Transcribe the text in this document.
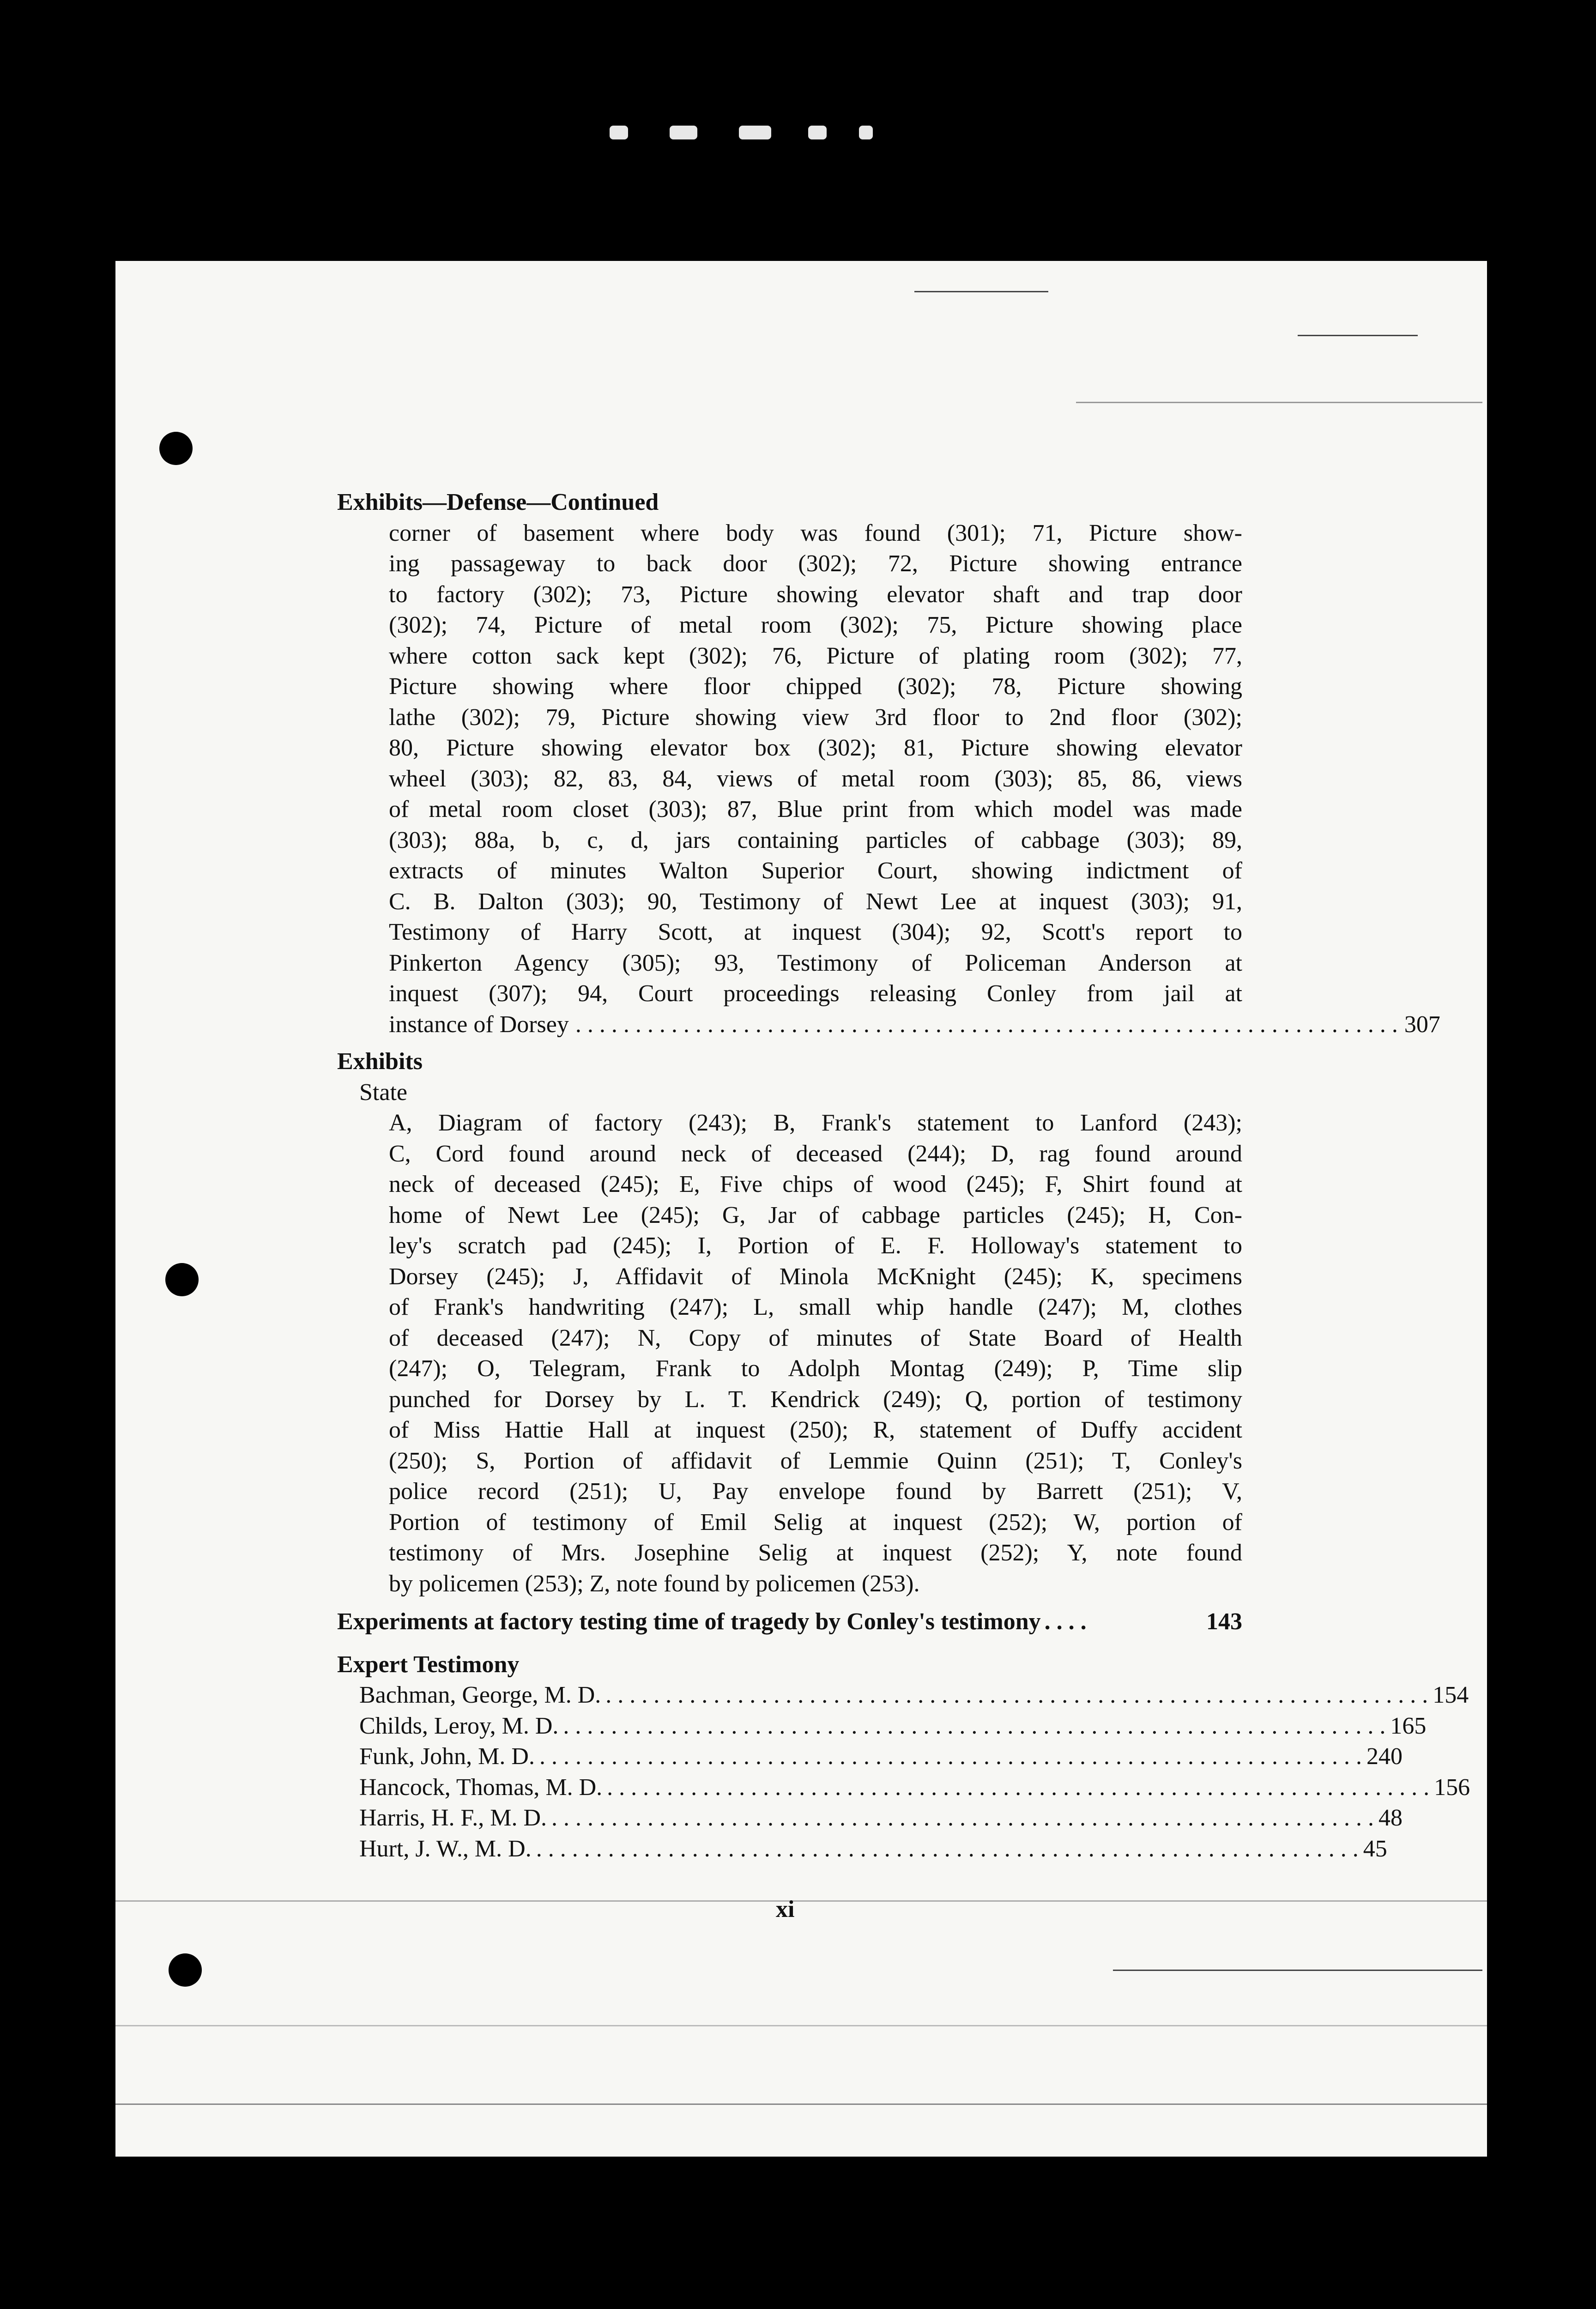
Exhibits—Defense—Continued
corner of basement where body was found (301); 71, Picture show-
ing passageway to back door (302); 72, Picture showing entrance
to factory (302); 73, Picture showing elevator shaft and trap door
(302); 74, Picture of metal room (302); 75, Picture showing place
where cotton sack kept (302); 76, Picture of plating room (302); 77,
Picture showing where floor chipped (302); 78, Picture showing
lathe (302); 79, Picture showing view 3rd floor to 2nd floor (302);
80, Picture showing elevator box (302); 81, Picture showing elevator
wheel (303); 82, 83, 84, views of metal room (303); 85, 86, views
of metal room closet (303); 87, Blue print from which model was made
(303); 88a, b, c, d, jars containing particles of cabbage (303); 89,
extracts of minutes Walton Superior Court, showing indictment of
C. B. Dalton (303); 90, Testimony of Newt Lee at inquest (303); 91,
Testimony of Harry Scott, at inquest (304); 92, Scott's report to
Pinkerton Agency (305); 93, Testimony of Policeman Anderson at
inquest (307); 94, Court proceedings releasing Conley from jail at
instance of Dorsey . . . . . . . . . . . . . . . . . . . . . . . . . . . . . . . . . . . . . . . . . . . . . . . . . . . . . . . . . . . . . . . . . . . . . 307
Exhibits
State
A, Diagram of factory (243); B, Frank's statement to Lanford (243);
C, Cord found around neck of deceased (244); D, rag found around
neck of deceased (245); E, Five chips of wood (245); F, Shirt found at
home of Newt Lee (245); G, Jar of cabbage particles (245); H, Con-
ley's scratch pad (245); I, Portion of E. F. Holloway's statement to
Dorsey (245); J, Affidavit of Minola McKnight (245); K, specimens
of Frank's handwriting (247); L, small whip handle (247); M, clothes
of deceased (247); N, Copy of minutes of State Board of Health
(247); O, Telegram, Frank to Adolph Montag (249); P, Time slip
punched for Dorsey by L. T. Kendrick (249); Q, portion of testimony
of Miss Hattie Hall at inquest (250); R, statement of Duffy accident
(250); S, Portion of affidavit of Lemmie Quinn (251); T, Conley's
police record (251); U, Pay envelope found by Barrett (251); V,
Portion of testimony of Emil Selig at inquest (252); W, portion of
testimony of Mrs. Josephine Selig at inquest (252); Y, note found
by policemen (253); Z, note found by policemen (253).
Experiments at factory testing time of tragedy by Conley's testimony . . . .	143
Expert Testimony
Bachman, George, M. D. . . . . . . . . . . . . . . . . . . . . . . . . . . . . . . . . . . . . . . . . . . . . . . . . . . . . . . . . . . . . . . . . . . . . . 154
Childs, Leroy, M. D. . . . . . . . . . . . . . . . . . . . . . . . . . . . . . . . . . . . . . . . . . . . . . . . . . . . . . . . . . . . . . . . . . . . . . 165
Funk, John, M. D. . . . . . . . . . . . . . . . . . . . . . . . . . . . . . . . . . . . . . . . . . . . . . . . . . . . . . . . . . . . . . . . . . . . . . 240
Hancock, Thomas, M. D. . . . . . . . . . . . . . . . . . . . . . . . . . . . . . . . . . . . . . . . . . . . . . . . . . . . . . . . . . . . . . . . . . . . . . 156
Harris, H. F., M. D. . . . . . . . . . . . . . . . . . . . . . . . . . . . . . . . . . . . . . . . . . . . . . . . . . . . . . . . . . . . . . . . . . . . . . 48
Hurt, J. W., M. D. . . . . . . . . . . . . . . . . . . . . . . . . . . . . . . . . . . . . . . . . . . . . . . . . . . . . . . . . . . . . . . . . . . . . . 45
xi
